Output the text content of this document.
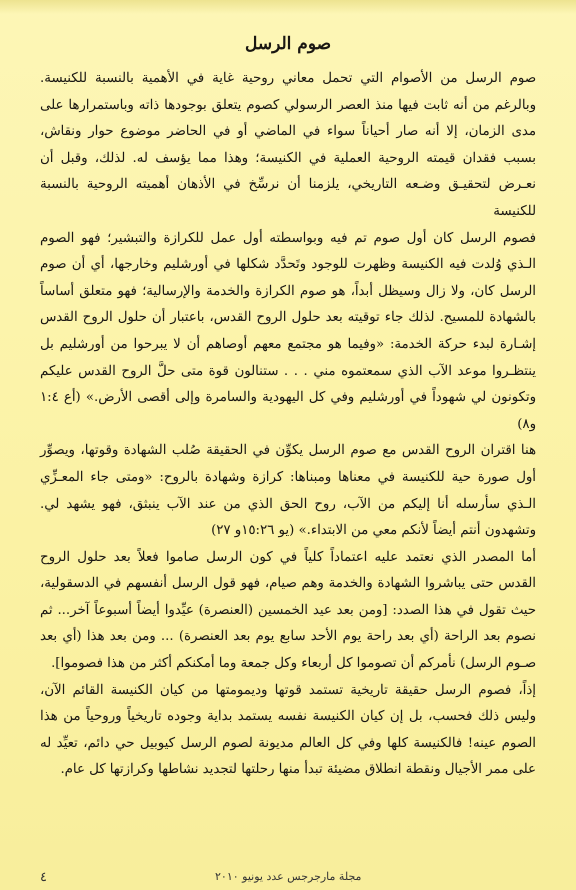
صوم الرسل

صوم الرسل من الأصوام التي تحمل معاني روحية غاية في الأهمية بالنسبة للكنيسة. وبالرغم من أنه ثابت فيها منذ العصر الرسولي كصوم يتعلق بوجودها ذاته وباستمرارها على مدى الزمان، إلا أنه صار أحياناً سواء في الماضي أو في الحاضر موضوع حوار ونقاش، بسبب فقدان قيمته الروحية العملية في الكنيسة؛ وهذا مما يؤسف له. لذلك، وقبل أن نعـرض لتحقيـق وضـعه التاريخي، يلزمنا أن نرسِّخ في الأذهان أهميته الروحية بالنسبة للكنيسة

فصوم الرسل كان أول صوم تم فيه وبواسطته أول عمل للكرازة والتبشير؛ فهو الصوم الـذي وُلدت فيه الكنيسة وظهرت للوجود وتَحدَّد شكلها في أورشليم وخارجها، أي أن صوم الرسل كان، ولا زال وسيظل أبداً، هو صوم الكرازة والخدمة والإرسالية؛ فهو متعلق أساساً بالشهادة للمسيح. لذلك جاء توقيته بعد حلول الروح القدس، باعتبار أن حلول الروح القدس إشـارة لبدء حركة الخدمة: «وفيما هو مجتمع معهم أوصاهم أن لا يبرحوا من أورشليم بل ينتظـروا موعد الآب الذي سمعتموه مني . . . ستنالون قوة متى حلَّ الروح القدس عليكم وتكونون لي شهوداً في أورشليم وفي كل اليهودية والسامرة وإلى أقصى الأرض.» (أع ١:٤ و٨)

هنا اقتران الروح القدس مع صوم الرسل يكوِّن في الحقيقة صُلب الشهادة وقوتها، ويصوِّر أول صورة حية للكنيسة في معناها ومبناها: كرازة وشهادة بالروح: «ومتى جاء المعـزِّي الـذي سأرسله أنا إليكم من الآب، روح الحق الذي من عند الآب ينبثق، فهو يشهد لي. وتشهدون أنتم أيضاً لأنكم معي من الابتداء.» (يو ١٥:٢٦و ٢٧)

أما المصدر الذي نعتمد عليه اعتماداً كلياً في كون الرسل صاموا فعلاً بعد حلول الروح القدس حتى يباشروا الشهادة والخدمة وهم صيام، فهو قول الرسل أنفسهم في الدسقولية، حيث تقول في هذا الصدد: [ومن بعد عيد الخمسين (العنصرة) عيِّدوا أيضاً أسبوعاً آخر... ثم نصوم بعد الراحة (أي بعد راحة يوم الأحد سابع يوم بعد العنصرة) ... ومن بعد هذا (أي بعد صـوم الرسل) نأمركم أن تصوموا كل أربعاء وكل جمعة وما أمكنكم أكثر من هذا فصوموا].

إذاً، فصوم الرسل حقيقة تاريخية تستمد قوتها وديمومتها من كيان الكنيسة القائم الآن، وليس ذلك فحسب، بل إن كيان الكنيسة نفسه يستمد بداية وجوده تاريخياً وروحياً من هذا الصوم عينه! فالكنيسة كلها وفي كل العالم مديونة لصوم الرسل كيوبيل حي دائم، تعيِّد له على ممر الأجيال ونقطة انطلاق مضيئة تبدأ منها رحلتها لتجديد نشاطها وكرازتها كل عام.

مجلة مارجرجس عدد يونيو ٢٠١٠
٤
